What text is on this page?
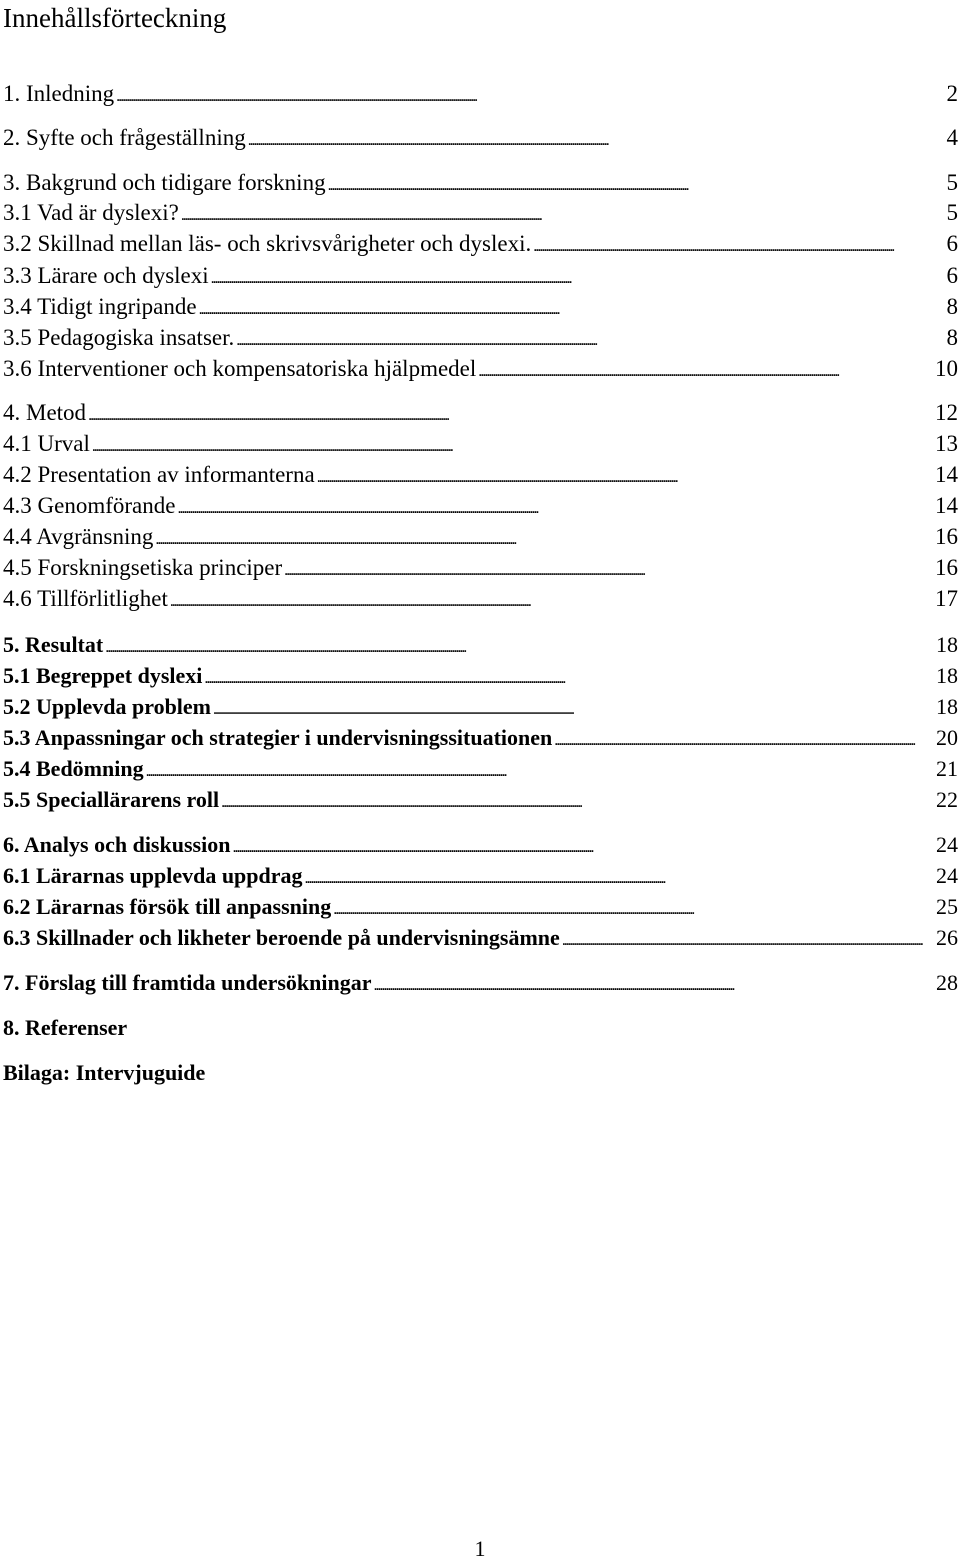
Innehållsförteckning
1. Inledning . . .	2
2. Syfte och frågeställning . . .	4
3. Bakgrund och tidigare forskning . . .	5
3.1 Vad är dyslexi? . . .	5
3.2 Skillnad mellan läs- och skrivsvårigheter och dyslexi. . . .	6
3.3 Lärare och dyslexi . . .	6
3.4 Tidigt ingripande . . .	8
3.5 Pedagogiska insatser. . . .	8
3.6 Interventioner och kompensatoriska hjälpmedel . . .	10
4. Metod . . .	12
4.1 Urval . . .	13
4.2 Presentation av informanterna . . .	14
4.3 Genomförande . . .	14
4.4 Avgränsning . . .	16
4.5 Forskningsetiska principer . . .	16
4.6 Tillförlitlighet . . .	17
5. Resultat . . .	18
5.1 Begreppet dyslexi . . .	18
5.2 Upplevda problem . . .	18
5.3 Anpassningar och strategier i undervisningssituationen . . .	20
5.4 Bedömning . . .	21
5.5 Speciallärarens roll . . .	22
6. Analys och diskussion . . .	24
6.1 Lärarnas upplevda uppdrag . . .	24
6.2 Lärarnas försök till anpassning . . .	25
6.3 Skillnader och likheter beroende på undervisningsämne . . .	26
7. Förslag till framtida undersökningar . . .	28
8. Referenser
Bilaga: Intervjuguide
1
